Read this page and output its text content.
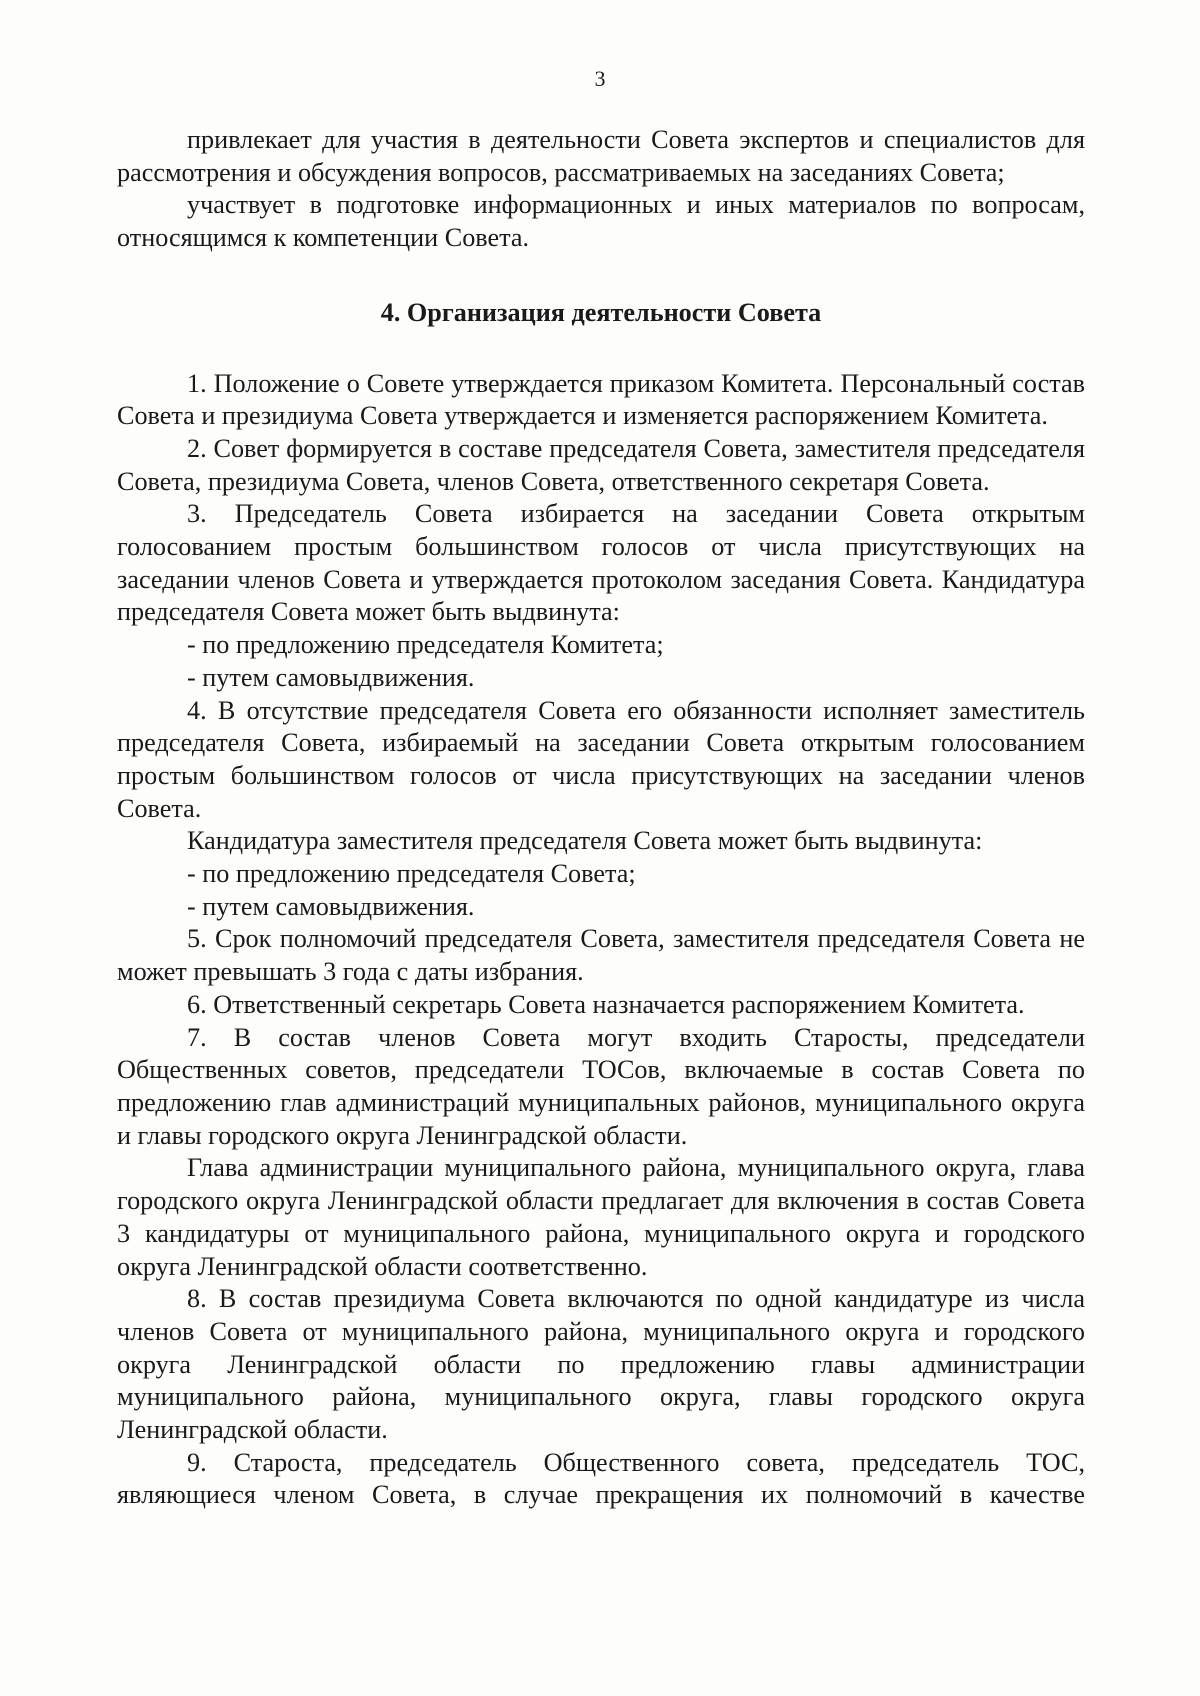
3

привлекает для участия в деятельности Совета экспертов и специалистов для рассмотрения и обсуждения вопросов, рассматриваемых на заседаниях Совета;

участвует в подготовке информационных и иных материалов по вопросам, относящимся к компетенции Совета.

4. Организация деятельности Совета

1. Положение о Совете утверждается приказом Комитета. Персональный состав Совета и президиума Совета утверждается и изменяется распоряжением Комитета.

2. Совет формируется в составе председателя Совета, заместителя председателя Совета, президиума Совета, членов Совета, ответственного секретаря Совета.

3. Председатель Совета избирается на заседании Совета открытым голосованием простым большинством голосов от числа присутствующих на заседании членов Совета и утверждается протоколом заседания Совета. Кандидатура председателя Совета может быть выдвинута:

- по предложению председателя Комитета;

- путем самовыдвижения.

4. В отсутствие председателя Совета его обязанности исполняет заместитель председателя Совета, избираемый на заседании Совета открытым голосованием простым большинством голосов от числа присутствующих на заседании членов Совета.

Кандидатура заместителя председателя Совета может быть выдвинута:

- по предложению председателя Совета;

- путем самовыдвижения.

5. Срок полномочий председателя Совета, заместителя председателя Совета не может превышать 3 года с даты избрания.

6. Ответственный секретарь Совета назначается распоряжением Комитета.

7. В состав членов Совета могут входить Старосты, председатели Общественных советов, председатели ТОСов, включаемые в состав Совета по предложению глав администраций муниципальных районов, муниципального округа и главы городского округа Ленинградской области.

Глава администрации муниципального района, муниципального округа, глава городского округа Ленинградской области предлагает для включения в состав Совета 3 кандидатуры от муниципального района, муниципального округа и городского округа Ленинградской области соответственно.

8. В состав президиума Совета включаются по одной кандидатуре из числа членов Совета от муниципального района, муниципального округа и городского округа Ленинградской области по предложению главы администрации муниципального района, муниципального округа, главы городского округа Ленинградской области.

9. Староста, председатель Общественного совета, председатель ТОС, являющиеся членом Совета, в случае прекращения их полномочий в качестве
